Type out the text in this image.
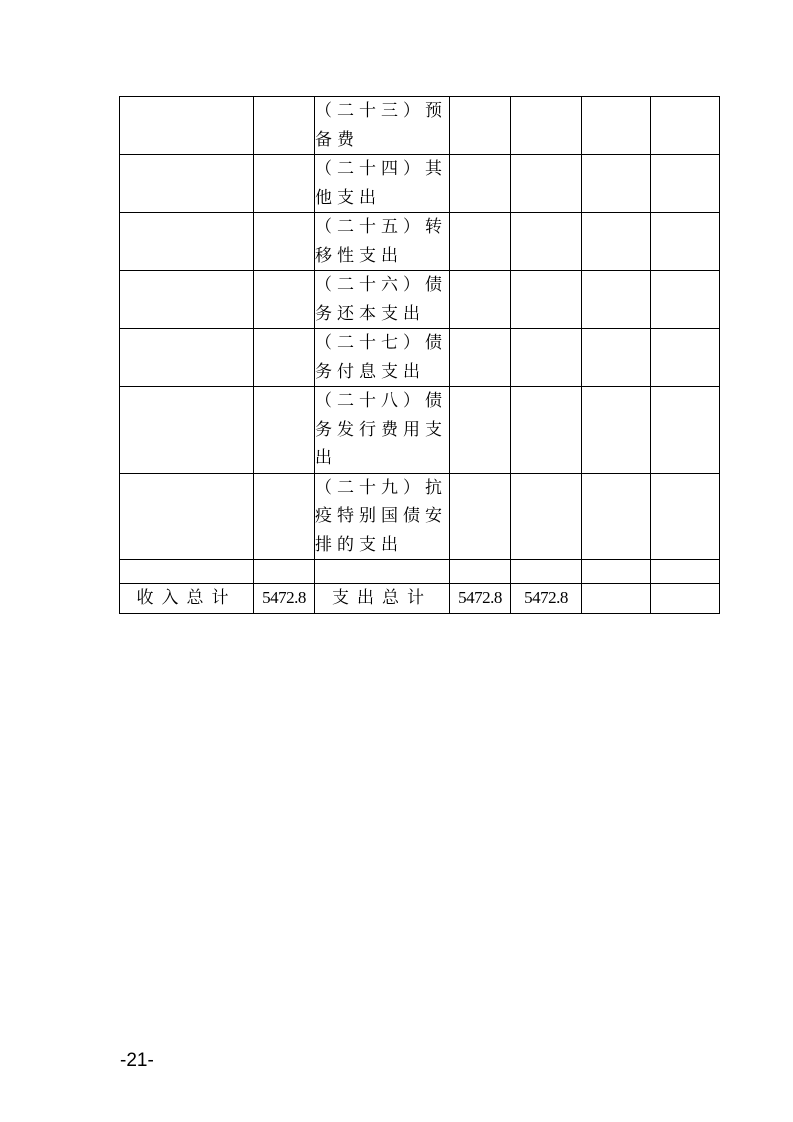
		（二十三）预备费				
		（二十四）其他支出				
		（二十五）转移性支出				
		（二十六）债务还本支出				
		（二十七）债务付息支出				
		（二十八）债务发行费用支出				
		（二十九）抗疫特别国债安排的支出				

收入总计	5472.8	支出总计	5472.8	5472.8		
-21-
